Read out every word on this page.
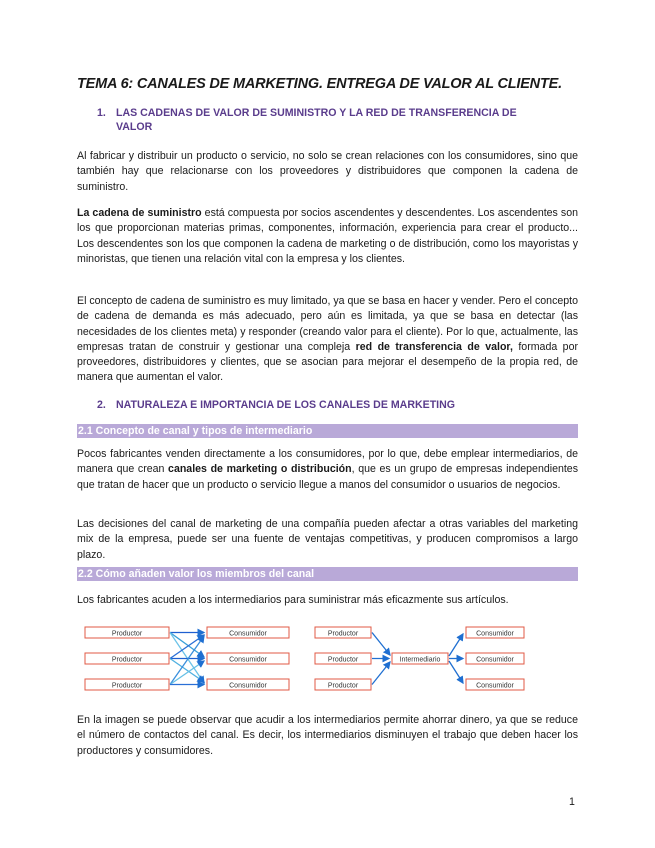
TEMA 6: CANALES DE MARKETING. ENTREGA DE VALOR AL CLIENTE.
1. LAS CADENAS DE VALOR DE SUMINISTRO Y LA RED DE TRANSFERENCIA DE
VALOR

Al fabricar y distribuir un producto o servicio, no solo se crean relaciones con los consumidores, sino que también hay que relacionarse con los proveedores y distribuidores que componen la cadena de suministro.

La cadena de suministro está compuesta por socios ascendentes y descendentes. Los ascendentes son los que proporcionan materias primas, componentes, información, experiencia para crear el producto... Los descendentes son los que componen la cadena de marketing o de distribución, como los mayoristas y minoristas, que tienen una relación vital con la empresa y los clientes.

El concepto de cadena de suministro es muy limitado, ya que se basa en hacer y vender. Pero el concepto de cadena de demanda es más adecuado, pero aún es limitada, ya que se basa en detectar (las necesidades de los clientes meta) y responder (creando valor para el cliente). Por lo que, actualmente, las empresas tratan de construir y gestionar una compleja red de transferencia de valor, formada por proveedores, distribuidores y clientes, que se asocian para mejorar el desempeño de la propia red, de manera que aumentan el valor.

2. NATURALEZA E IMPORTANCIA DE LOS CANALES DE MARKETING
2.1 Concepto de canal y tipos de intermediario

Pocos fabricantes venden directamente a los consumidores, por lo que, debe emplear intermediarios, de manera que crean canales de marketing o distribución, que es un grupo de empresas independientes que tratan de hacer que un producto o servicio llegue a manos del consumidor o usuarios de negocios.

Las decisiones del canal de marketing de una compañía pueden afectar a otras variables del marketing mix de la empresa, puede ser una fuente de ventajas competitivas, y producen compromisos a largo plazo.

2.2 Cómo añaden valor los miembros del canal

Los fabricantes acuden a los intermediarios para suministrar más eficazmente sus artículos.

En la imagen se puede observar que acudir a los intermediarios permite ahorrar dinero, ya que se reduce el número de contactos del canal. Es decir, los intermediarios disminuyen el trabajo que deben hacer los productores y consumidores.

Productor
Productor
Productor
Consumidor
Consumidor
Consumidor
Productor
Productor
Productor
Intermediario
Consumidor
Consumidor
Consumidor
1
